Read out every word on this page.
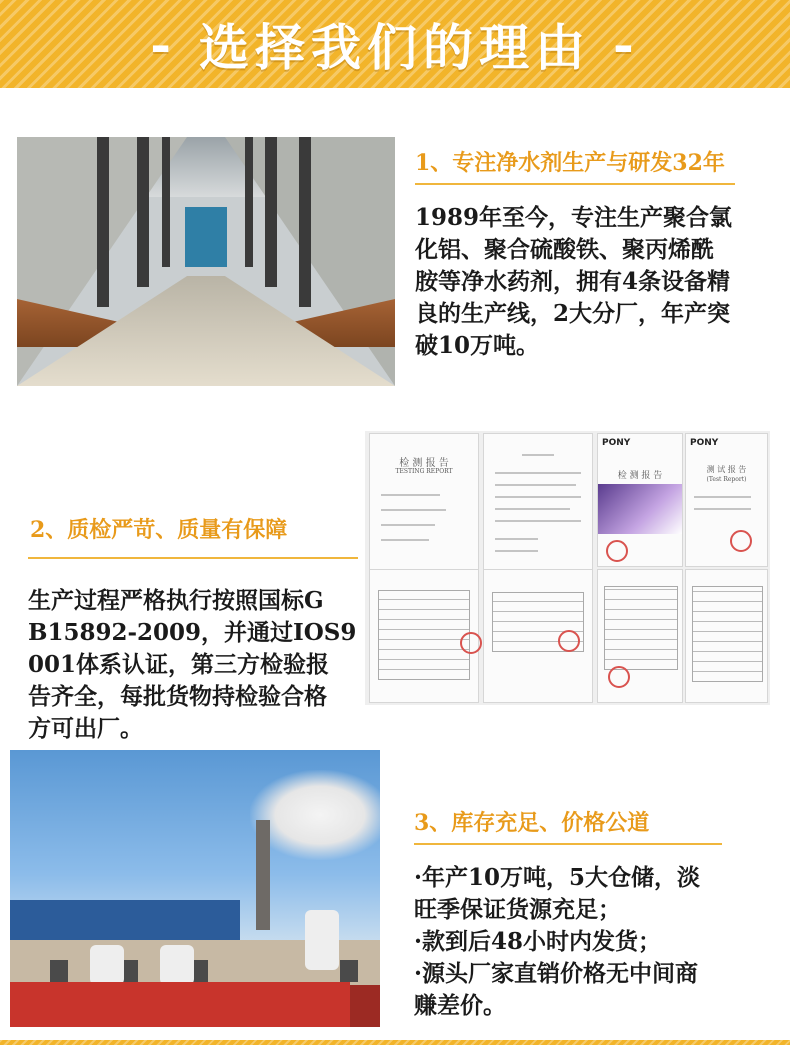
- 选择我们的理由 -
1、专注净水剂生产与研发32年
1989年至今，专注生产聚合氯
化铝、聚合硫酸铁、聚丙烯酰
胺等净水药剂，拥有4条设备精
良的生产线，2大分厂，年产突
破10万吨。
检 测 报 告
TESTING REPORT
PONY
检 测 报 告
PONY
测 试 报 告
(Test Report)
2、质检严苛、质量有保障
生产过程严格执行按照国标G
B15892-2009，并通过IOS9
001体系认证，第三方检验报
告齐全，每批货物持检验合格
方可出厂。
3、库存充足、价格公道
·年产10万吨，5大仓储，淡
旺季保证货源充足；
·款到后48小时内发货；
·源头厂家直销价格无中间商
赚差价。
